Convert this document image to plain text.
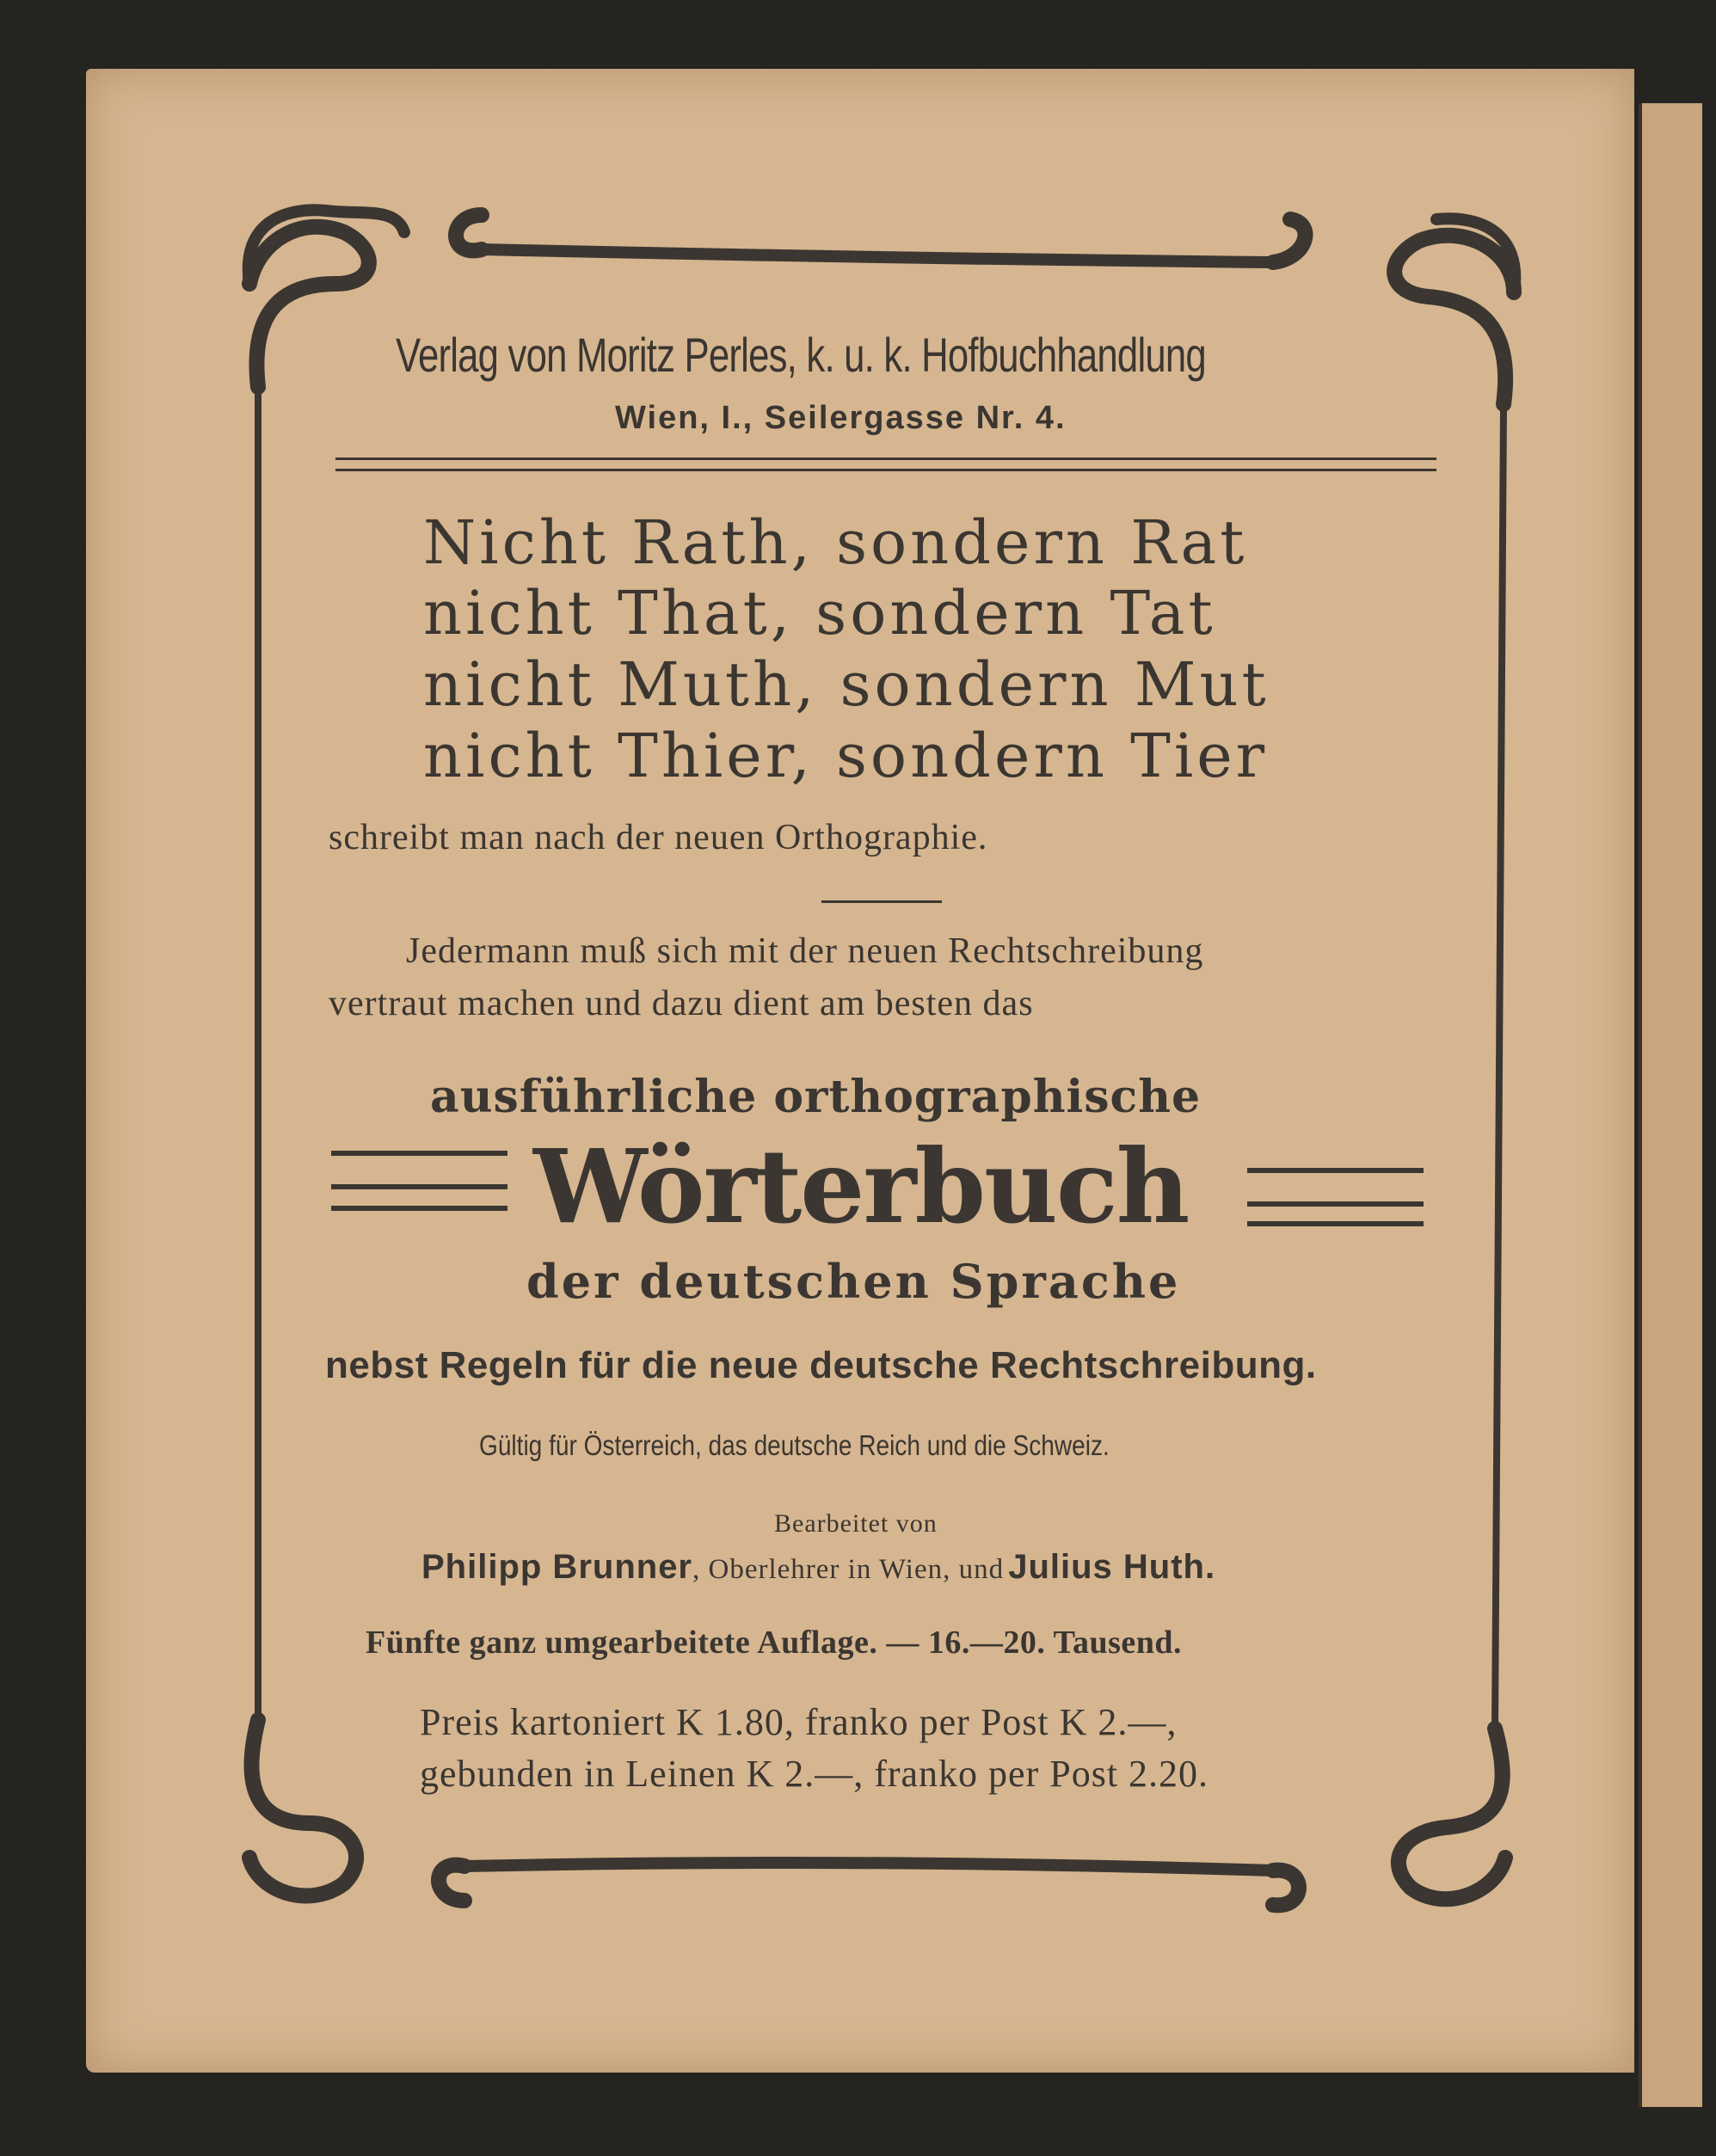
Verlag von Moritz Perles, k. u. k. Hofbuchhandlung
Wien, I., Seilergasse Nr. 4.
Nicht Rath, sondern Rat
nicht That, sondern Tat
nicht Muth, sondern Mut
nicht Thier, sondern Tier
schreibt man nach der neuen Orthographie.
Jedermann muß sich mit der neuen Rechtschreibung
vertraut machen und dazu dient am besten das
ausführliche orthographische
Wörterbuch
der deutschen Sprache
nebst Regeln für die neue deutsche Rechtschreibung.
Gültig für Österreich, das deutsche Reich und die Schweiz.
Bearbeitet von
Philipp Brunner, Oberlehrer in Wien, und Julius Huth.
Fünfte ganz umgearbeitete Auflage. — 16.—20. Tausend.
Preis kartoniert K 1.80, franko per Post K 2.—,
gebunden in Leinen K 2.—, franko per Post 2.20.
